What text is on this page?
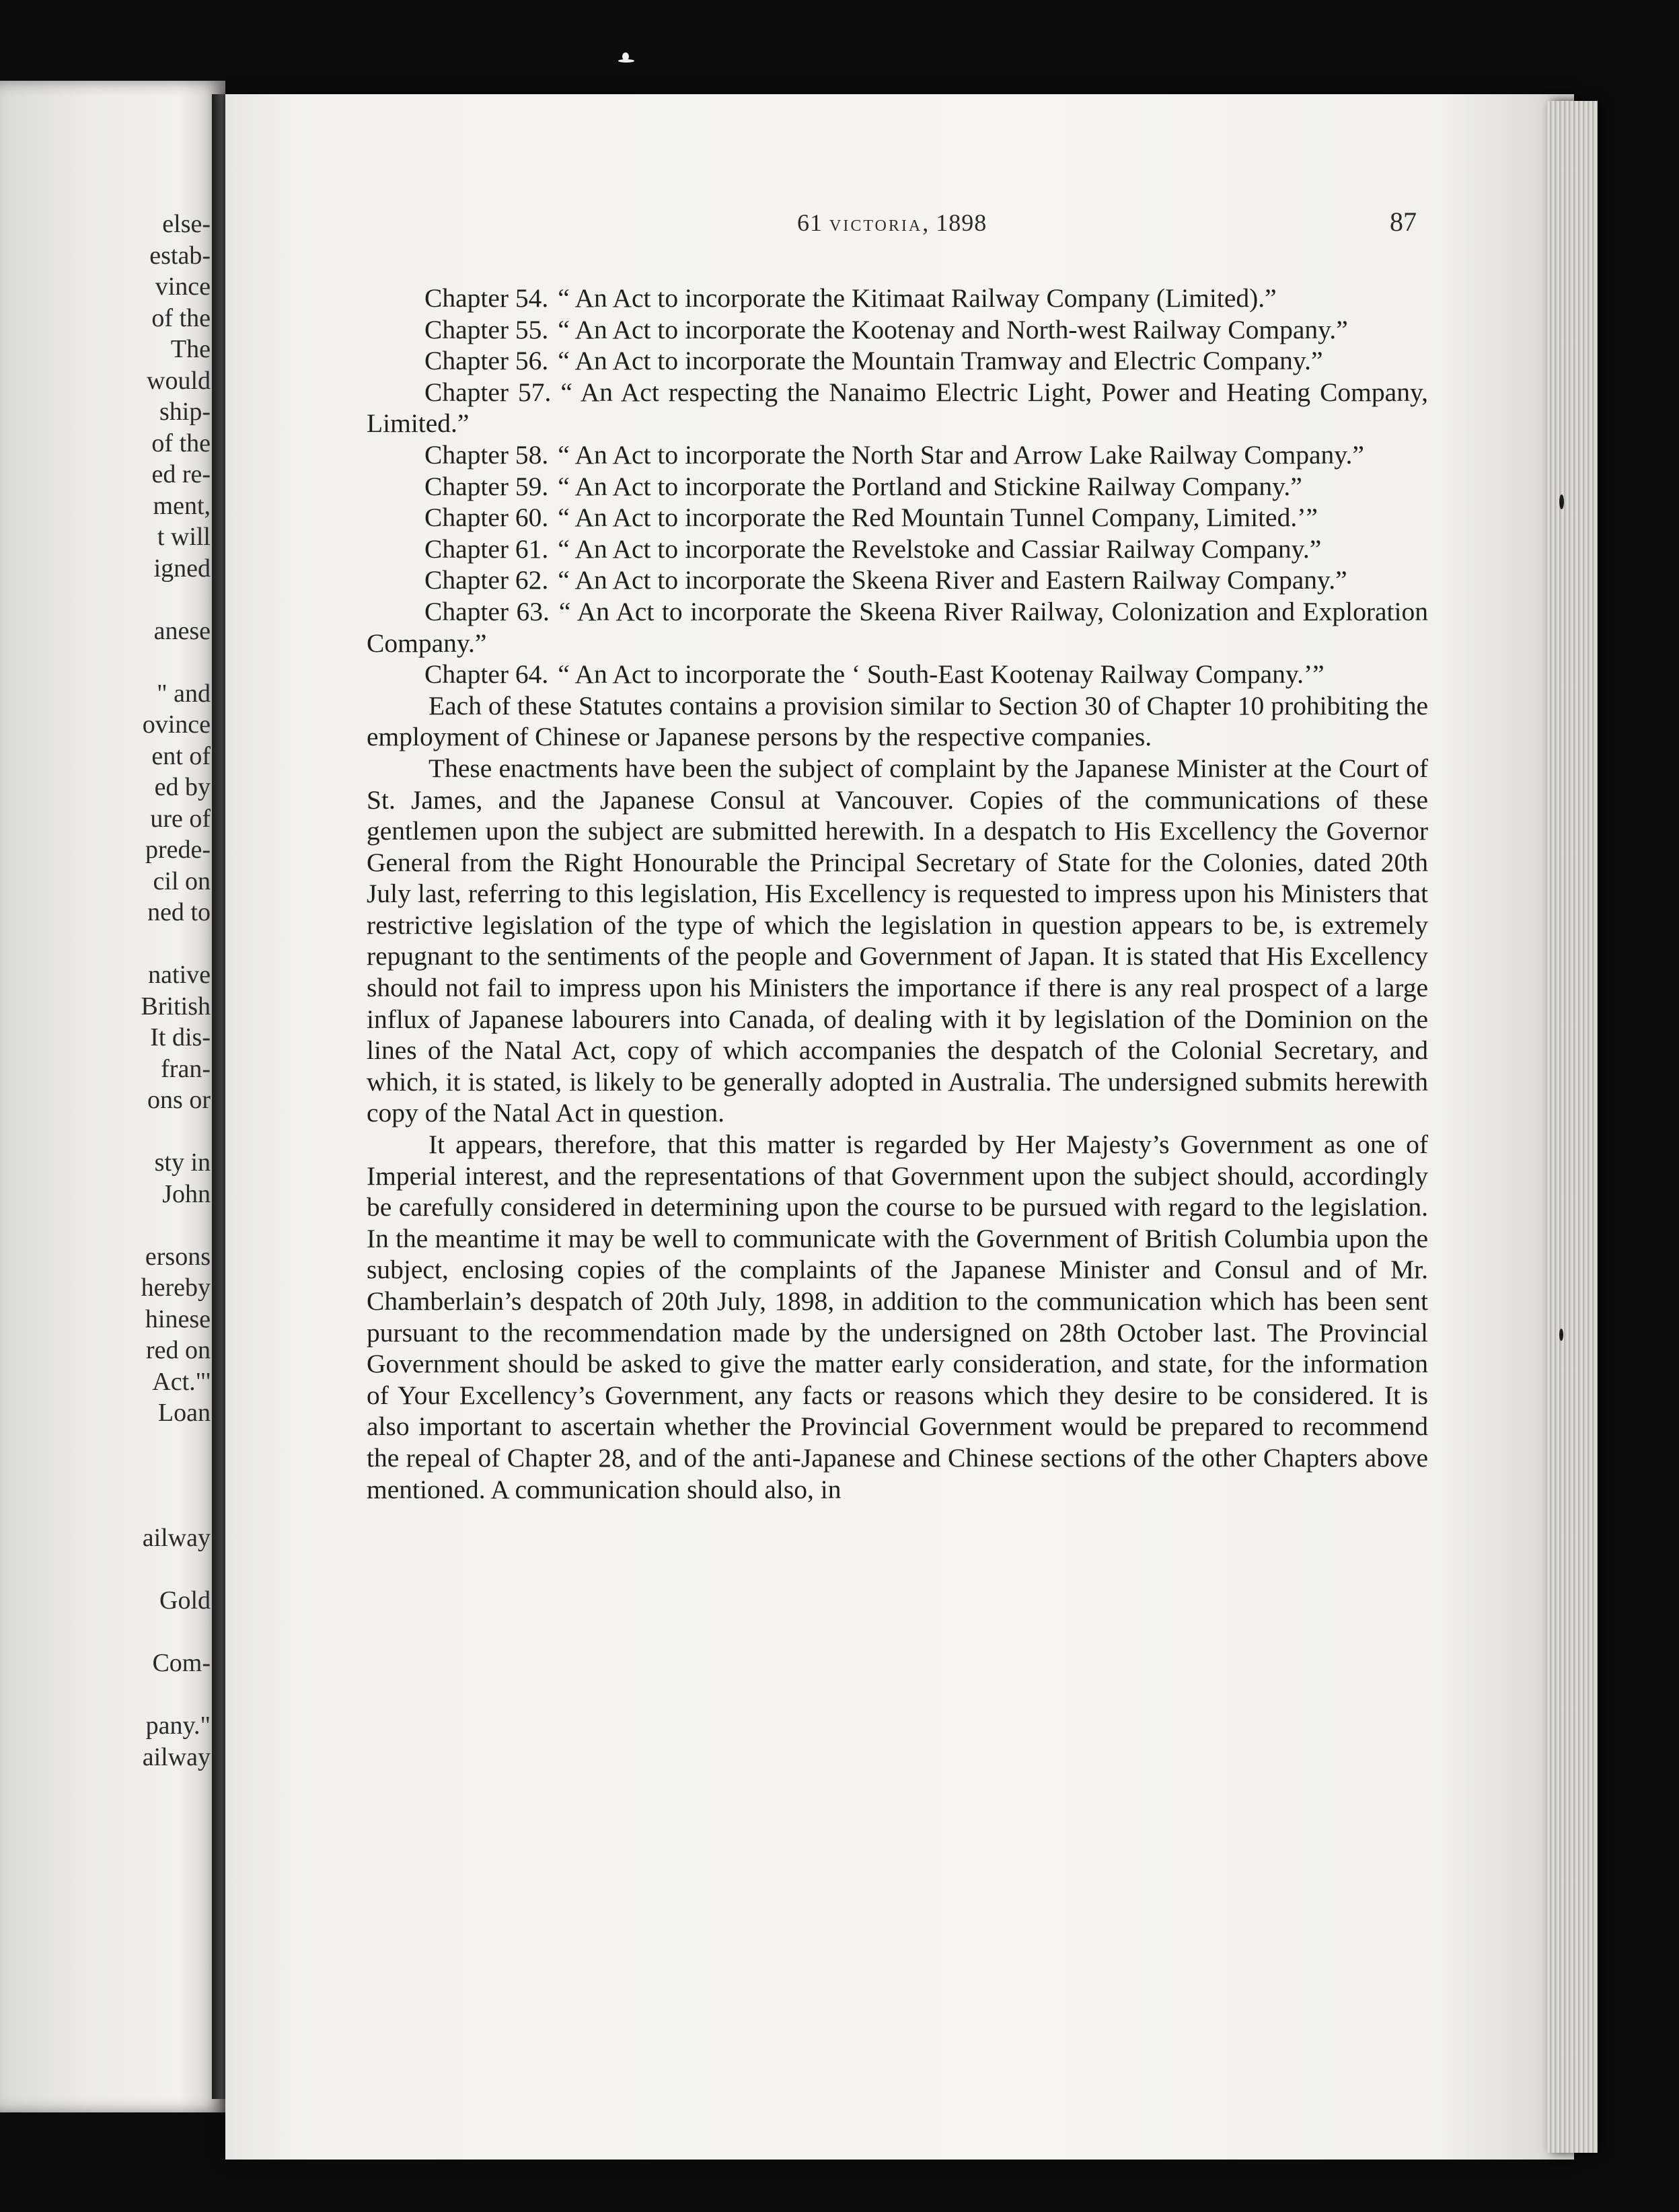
else-

estab-

vince

of the

The

would

ship-

of the

ed re-

ment,

t will

igned

anese

" and

ovince

ent of

ed by

ure of

prede-

cil on

ned to

native

British

It dis-

fran-

ons or

sty in

John

ersons

hereby

hinese

red on

Act."'

Loan

ailway

Gold

Com-

pany."

ailway

61 victoria, 1898	87

Chapter 54. “ An Act to incorporate the Kitimaat Railway Company (Limited).”

Chapter 55. “ An Act to incorporate the Kootenay and North-west Railway Company.”

Chapter 56. “ An Act to incorporate the Mountain Tramway and Electric Company.”

Chapter 57. “ An Act respecting the Nanaimo Electric Light, Power and Heating Company, Limited.”

Chapter 58. “ An Act to incorporate the North Star and Arrow Lake Railway Company.”

Chapter 59. “ An Act to incorporate the Portland and Stickine Railway Company.”

Chapter 60. “ An Act to incorporate the Red Mountain Tunnel Company, Limited.’”

Chapter 61. “ An Act to incorporate the Revelstoke and Cassiar Railway Company.”

Chapter 62. “ An Act to incorporate the Skeena River and Eastern Railway Company.”

Chapter 63. “ An Act to incorporate the Skeena River Railway, Colonization and Exploration Company.”

Chapter 64. “ An Act to incorporate the ‘ South-East Kootenay Railway Company.’”

Each of these Statutes contains a provision similar to Section 30 of Chapter 10 prohibiting the employment of Chinese or Japanese persons by the respective companies.

These enactments have been the subject of complaint by the Japanese Minister at the Court of St. James, and the Japanese Consul at Vancouver. Copies of the communications of these gentlemen upon the subject are submitted herewith. In a despatch to His Excellency the Governor General from the Right Honourable the Principal Secretary of State for the Colonies, dated 20th July last, referring to this legislation, His Excellency is requested to impress upon his Ministers that restrictive legislation of the type of which the legislation in question appears to be, is extremely repugnant to the sentiments of the people and Government of Japan. It is stated that His Excellency should not fail to impress upon his Ministers the importance if there is any real prospect of a large influx of Japanese labourers into Canada, of dealing with it by legislation of the Dominion on the lines of the Natal Act, copy of which accompanies the despatch of the Colonial Secretary, and which, it is stated, is likely to be generally adopted in Australia. The undersigned submits herewith copy of the Natal Act in question.

It appears, therefore, that this matter is regarded by Her Majesty’s Government as one of Imperial interest, and the representations of that Government upon the subject should, accordingly be carefully considered in determining upon the course to be pursued with regard to the legislation. In the meantime it may be well to communicate with the Government of British Columbia upon the subject, enclosing copies of the complaints of the Japanese Minister and Consul and of Mr. Chamberlain’s despatch of 20th July, 1898, in addition to the communication which has been sent pursuant to the recommendation made by the undersigned on 28th October last. The Provincial Government should be asked to give the matter early consideration, and state, for the information of Your Excellency’s Government, any facts or reasons which they desire to be considered. It is also important to ascertain whether the Provincial Government would be prepared to recommend the repeal of Chapter 28, and of the anti-Japanese and Chinese sections of the other Chapters above mentioned. A communication should also, in
